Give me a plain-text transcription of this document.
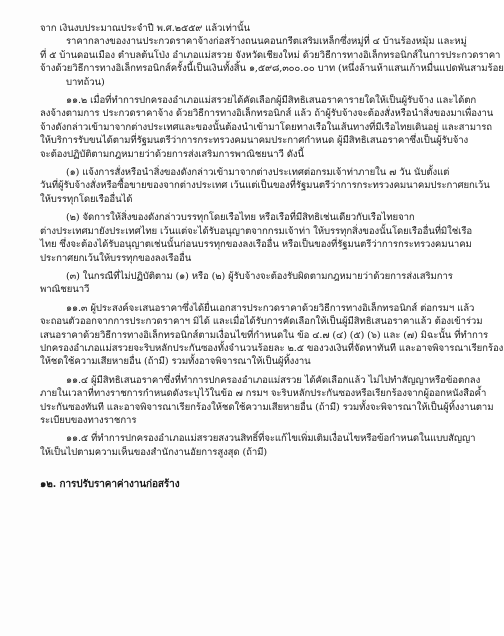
จาก เงินงบประมาณประจำปี พ.ศ.๒๕๕๙ แล้วเท่านั้น
ราคากลางของงานประกวดราคาจ้างก่อสร้างถนนคอนกรีตเสริมเหล็กซึ่งหมู่ที่ ๔ บ้านร้องหมุ้ม และหมู่
ที่ ๕ บ้านดอนเมือง ตำบลต้นโป่ง อำเภอแม่สรวย จังหวัดเชียงใหม่ ด้วยวิธีการทางอิเล็กทรอนิกส์ในการประกวดราคา
จ้างด้วยวิธีการทางอิเล็กทรอนิกส์ครั้งนี้เป็นเงินทั้งสิ้น ๑,๕๙๘,๓๐๐.๐๐ บาท (หนึ่งล้านห้าแสนเก้าหมื่นแปดพันสามร้อย
บาทถ้วน)
๑๑.๒ เมื่อที่ทำการปกครองอำเภอแม่สรวยได้คัดเลือกผู้มีสิทธิเสนอราคารายใดให้เป็นผู้รับจ้าง และได้ตก
ลงจ้างตามการ ประกวดราคาจ้าง ด้วยวิธีการทางอิเล็กทรอนิกส์ แล้ว ถ้าผู้รับจ้างจะต้องสั่งหรือนำสิ่งของมาเพื่องาน
จ้างดังกล่าวเข้ามาจากต่างประเทศและของนั้นต้องนำเข้ามาโดยทางเรือในเส้นทางที่มีเรือไทยเดินอยู่ และสามารถ
ให้บริการรับขนได้ตามที่รัฐมนตรีว่าการกระทรวงคมนาคมประกาศกำหนด ผู้มีสิทธิเสนอราคาซึ่งเป็นผู้รับจ้าง
จะต้องปฏิบัติตามกฎหมายว่าด้วยการส่งเสริมการพาณิชยนาวี ดังนี้
(๑) แจ้งการสั่งหรือนำสิ่งของดังกล่าวเข้ามาจากต่างประเทศต่อกรมเจ้าท่าภายใน ๗ วัน นับตั้งแต่
วันที่ผู้รับจ้างสั่งหรือซื้อขายของจากต่างประเทศ เว้นแต่เป็นของที่รัฐมนตรีว่าการกระทรวงคมนาคมประกาศยกเว้น
ให้บรรทุกโดยเรืออื่นได้
(๒) จัดการให้สิ่งของดังกล่าวบรรทุกโดยเรือไทย หรือเรือที่มีสิทธิเช่นเดียวกับเรือไทยจาก
ต่างประเทศมายังประเทศไทย เว้นแต่จะได้รับอนุญาตจากกรมเจ้าท่า ให้บรรทุกสิ่งของนั้นโดยเรืออื่นที่มิใช่เรือ
ไทย ซึ่งจะต้องได้รับอนุญาตเช่นนั้นก่อนบรรทุกของลงเรืออื่น หรือเป็นของที่รัฐมนตรีว่าการกระทรวงคมนาคม
ประกาศยกเว้นให้บรรทุกของลงเรืออื่น
(๓) ในกรณีที่ไม่ปฏิบัติตาม (๑) หรือ (๒) ผู้รับจ้างจะต้องรับผิดตามกฎหมายว่าด้วยการส่งเสริมการ
พาณิชยนาวี
๑๑.๓ ผู้ประสงค์จะเสนอราคาซึ่งได้ยื่นเอกสารประกวดราคาด้วยวิธีการทางอิเล็กทรอนิกส์ ต่อกรมฯ แล้ว
จะถอนตัวออกจากการประกวดราคาฯ มิได้ และเมื่อได้รับการคัดเลือกให้เป็นผู้มีสิทธิเสนอราคาแล้ว ต้องเข้าร่วม
เสนอราคาด้วยวิธีการทางอิเล็กทรอนิกส์ตามเงื่อนไขที่กำหนดใน ข้อ ๔.๗ (๔) (๕) (๖) และ (๗) มิฉะนั้น ที่ทำการ
ปกครองอำเภอแม่สรวยจะริบหลักประกันซองทั้งจำนวนร้อยละ ๒.๕ ของวงเงินที่จัดหาทันที และอาจพิจารณาเรียกร้อง
ให้ชดใช้ความเสียหายอื่น (ถ้ามี) รวมทั้งอาจพิจารณาให้เป็นผู้ทิ้งงาน
๑๑.๔ ผู้มีสิทธิเสนอราคาซึ่งที่ทำการปกครองอำเภอแม่สรวย ได้คัดเลือกแล้ว ไม่ไปทำสัญญาหรือข้อตกลง
ภายในเวลาที่ทางราชการกำหนดดังระบุไว้ในข้อ ๗ กรมฯ จะริบหลักประกันซองหรือเรียกร้องจากผู้ออกหนังสือค้ำ
ประกันซองทันที และอาจพิจารณาเรียกร้องให้ชดใช้ความเสียหายอื่น (ถ้ามี) รวมทั้งจะพิจารณาให้เป็นผู้ทิ้งงานตาม
ระเบียบของทางราชการ
๑๑.๕ ที่ทำการปกครองอำเภอแม่สรวยสงวนสิทธิ์ที่จะแก้ไขเพิ่มเติมเงื่อนไขหรือข้อกำหนดในแบบสัญญา
ให้เป็นไปตามความเห็นของสำนักงานอัยการสูงสุด (ถ้ามี)
๑๒. การปรับราคาค่างานก่อสร้าง
